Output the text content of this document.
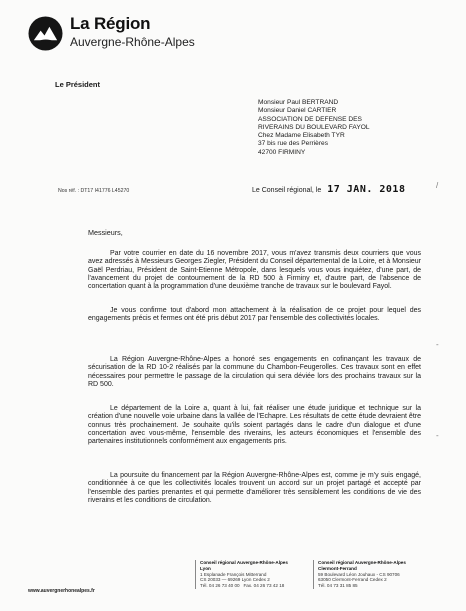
La Région
Auvergne-Rhône-Alpes
Le Président
Monsieur Paul BERTRAND
Monsieur Daniel CARTIER
ASSOCIATION DE DEFENSE DES
RIVERAINS DU BOULEVARD FAYOL
Chez Madame Elisabeth TYR
37 bis rue des Perrières
42700 FIRMINY
Nos réf. : DT17 I41776 L45270	Le Conseil régional, le 17 JAN. 2018	/
-
-
Messieurs,
Par votre courrier en date du 16 novembre 2017, vous m'avez transmis deux courriers que vous avez adressés à Messieurs Georges Ziegler, Président du Conseil départemental de la Loire, et à Monsieur Gaël Perdriau, Président de Saint-Etienne Métropole, dans lesquels vous vous inquiétez, d'une part, de l'avancement du projet de contournement de la RD 500 à Firminy et, d'autre part, de l'absence de concertation quant à la programmation d'une deuxième tranche de travaux sur le boulevard Fayol.
Je vous confirme tout d'abord mon attachement à la réalisation de ce projet pour lequel des engagements précis et fermes ont été pris début 2017 par l'ensemble des collectivités locales.
La Région Auvergne-Rhône-Alpes a honoré ses engagements en cofinançant les travaux de sécurisation de la RD 10-2 réalisés par la commune du Chambon-Feugerolles. Ces travaux sont en effet nécessaires pour permettre le passage de la circulation qui sera déviée lors des prochains travaux sur la RD 500.
Le département de la Loire a, quant à lui, fait réaliser une étude juridique et technique sur la création d'une nouvelle voie urbaine dans la vallée de l'Echapre. Les résultats de cette étude devraient être connus très prochainement. Je souhaite qu'ils soient partagés dans le cadre d'un dialogue et d'une concertation avec vous-même, l'ensemble des riverains, les acteurs économiques et l'ensemble des partenaires institutionnels conformément aux engagements pris.
La poursuite du financement par la Région Auvergne-Rhône-Alpes est, comme je m'y suis engagé, conditionnée à ce que les collectivités locales trouvent un accord sur un projet partagé et accepté par l'ensemble des parties prenantes et qui permette d'améliorer très sensiblement les conditions de vie des riverains et les conditions de circulation.
www.auvergnerhonealpes.fr
Conseil régional Auvergne-Rhône-Alpes
Lyon
1 Esplanade François Mitterrand
CS 20033 — 69269 Lyon Cedex 2
Tél. 04 26 73 40 00 Fax. 04 26 73 42 18
Conseil régional Auvergne-Rhône-Alpes
Clermont-Ferrand
59 Boulevard Léon Jouhaux - CS 90706
63050 Clermont-Ferrand Cedex 2
Tél. 04 73 31 85 85
